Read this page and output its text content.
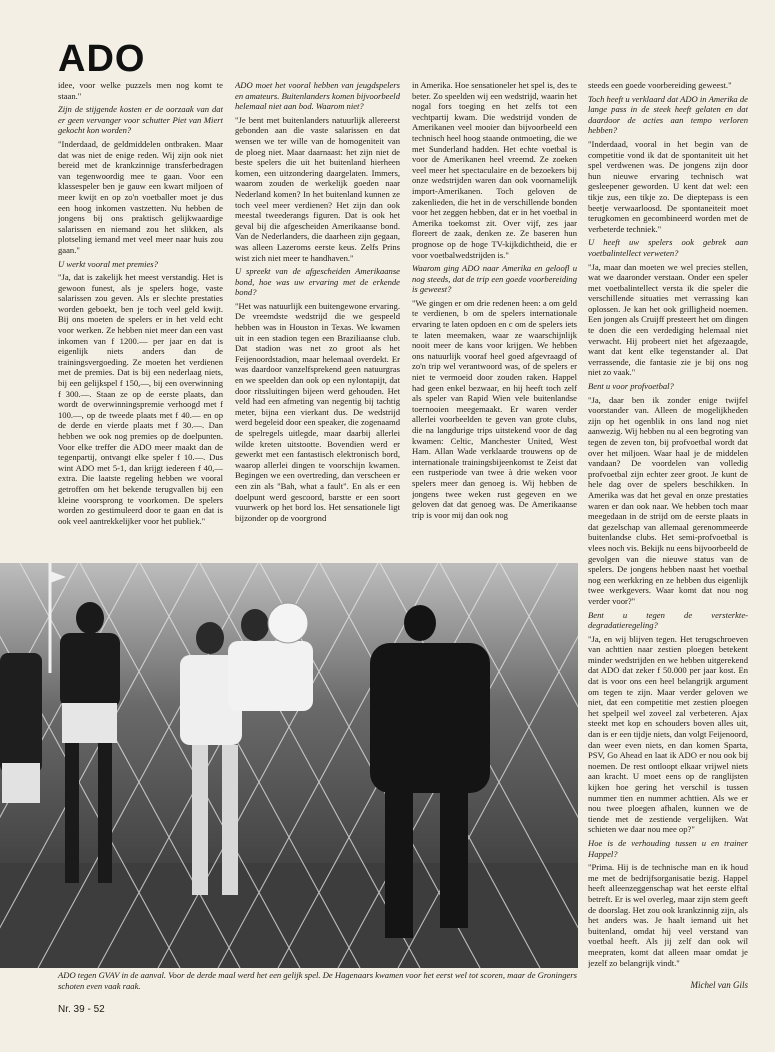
ADO

idee, voor welke puzzels men nog komt te staan."

Zijn de stijgende kosten er de oorzaak van dat er geen vervanger voor schutter Piet van Miert gekocht kon worden?

"Inderdaad, de geldmiddelen ontbraken. Maar dat was niet de enige reden. Wij zijn ook niet bereid met de krankzinnige transferbedragen van tegenwoordig mee te gaan. Voor een klassespeler ben je gauw een kwart miljoen of meer kwijt en op zo'n voetballer moet je dus een hoog inkomen vastzetten. Nu hebben de jongens bij ons praktisch gelijkwaardige salarissen en niemand zou het slikken, als plotseling iemand met veel meer naar huis zou gaan."

U werkt vooral met premies?

"Ja, dat is zakelijk het meest verstandig. Het is gewoon funest, als je spelers hoge, vaste salarissen zou geven. Als er slechte prestaties worden geboekt, ben je toch veel geld kwijt. Bij ons moeten de spelers er in het veld echt voor werken. Ze hebben niet meer dan een vast inkomen van f 1200.— per jaar en dat is eigenlijk niets anders dan de trainingsvergoeding. Ze moeten het verdienen met de premies. Dat is bij een nederlaag niets, bij een gelijkspel f 150,—, bij een overwinning f 300.—. Staan ze op de eerste plaats, dan wordt de overwinningspremie verhoogd met f 100.—, op de tweede plaats met f 40.— en op de derde en vierde plaats met f 30.—. Dan hebben we ook nog premies op de doelpunten. Voor elke treffer die ADO meer maakt dan de tegenpartij, ontvangt elke speler f 10.—. Dus wint ADO met 5-1, dan krijgt iedereen f 40,— extra. Die laatste regeling hebben we vooral getroffen om het bekende terugvallen bij een kleine voorsprong te voorkomen. De spelers worden zo gestimuleerd door te gaan en dat is ook veel aantrekkelijker voor het publiek."

ADO moet het vooral hebben van jeugdspelers en amateurs. Buitenlanders komen bijvoorbeeld helemaal niet aan bod. Waarom niet?

"Je bent met buitenlanders natuurlijk allereerst gebonden aan die vaste salarissen en dat wensen we ter wille van de homogeniteit van de ploeg niet. Maar daarnaast: het zijn niet de beste spelers die uit het buitenland hierheen komen, een uitzondering daargelaten. Immers, waarom zouden de werkelijk goeden naar Nederland komen? In het buitenland kunnen ze toch veel meer verdienen? Het zijn dan ook meestal tweederangs figuren. Dat is ook het geval bij die afgescheiden Amerikaanse bond. Van de Nederlanders, die daarheen zijn gegaan, was alleen Lazeroms eerste keus. Zelfs Prins wist zich niet meer te handhaven."

U spreekt van de afgescheiden Amerikaanse bond, hoe was uw ervaring met de erkende bond?

"Het was natuurlijk een buitengewone ervaring. De vreemdste wedstrijd die we gespeeld hebben was in Houston in Texas. We kwamen uit in een stadion tegen een Braziliaanse club. Dat stadion was net zo groot als het Feijenoordstadion, maar helemaal overdekt. Er was daardoor vanzelfsprekend geen natuurgras en we speelden dan ook op een nylontapijt, dat door ritssluitingen bijeen werd gehouden. Het veld had een afmeting van negentig bij tachtig meter, bijna een vierkant dus. De wedstrijd werd begeleid door een speaker, die zogenaamd de spelregels uitlegde, maar daarbij allerlei wilde kreten uitstootte. Bovendien werd er gewerkt met een fantastisch elektronisch bord, waarop allerlei dingen te voorschijn kwamen. Begingen we een overtreding, dan verscheen er een zin als "Bah, what a fault". En als er een doelpunt werd gescoord, barstte er een soort vuurwerk op het bord los. Het sensationele ligt bijzonder op de voorgrond

in Amerika. Hoe sensationeler het spel is, des te beter. Zo speelden wij een wedstrijd, waarin het nogal fors toeging en het zelfs tot een vechtpartij kwam. Die wedstrijd vonden de Amerikanen veel mooier dan bijvoorbeeld een technisch heel hoog staande ontmoeting, die we met Sunderland hadden. Het echte voetbal is voor de Amerikanen heel vreemd. Ze zoeken veel meer het spectaculaire en de bezoekers bij onze wedstrijden waren dan ook voornamelijk import-Amerikanen. Toch geloven de zakenlieden, die het in de verschillende bonden voor het zeggen hebben, dat er in het voetbal in Amerika toekomst zit. Over vijf, zes jaar floreert de zaak, denken ze. Ze baseren hun prognose op de hoge TV-kijkdichtheid, die er voor voetbalwedstrijden is."

Waarom ging ADO naar Amerika en geloofl u nog steeds, dat de trip een goede voorbereiding is geweest?

"We gingen er om drie redenen heen: a om geld te verdienen, b om de spelers internationale ervaring te laten opdoen en c om de spelers iets te laten meemaken, waar ze waarschijnlijk nooit meer de kans voor krijgen. We hebben ons natuurlijk vooraf heel goed afgevraagd of zo'n trip wel verantwoord was, of de spelers er niet te vermoeid door zouden raken. Happel had geen enkel bezwaar, en hij heeft toch zelf als speler van Rapid Wien vele buitenlandse toernooien meegemaakt. Er waren verder allerlei voorbeelden te geven van grote clubs, die na langdurige trips uitstekend voor de dag kwamen: Celtic, Manchester United, West Ham. Allan Wade verklaarde trouwens op de internationale trainingsbijeenkomst te Zeist dat een rustperiode van twee à drie weken voor spelers meer dan genoeg is. Wij hebben de jongens twee weken rust gegeven en we geloven dat dat genoeg was. De Amerikaanse trip is voor mij dan ook nog

steeds een goede voorbereiding geweest."

Toch heeft u verklaard dat ADO in Amerika de lange pass in de steek heeft gelaten en dat daardoor de acties aan tempo verloren hebben?

"Inderdaad, vooral in het begin van de competitie vond ik dat de spontaniteit uit het spel verdwenen was. De jongens zijn door hun nieuwe ervaring technisch wat gesleepener geworden. U kent dat wel: een tikje zus, een tikje zo. De dieptepass is een beetje verwaarloosd. De spontaneiteit moet terugkomen en gecombineerd worden met de verbeterde techniek."

U heeft uw spelers ook gebrek aan voetbalintellect verweten?

"Ja, maar dan moeten we wel precies stellen, wat we daaronder verstaan. Onder een speler met voetbalintellect versta ik die speler die verschillende situaties met verrassing kan oplossen. Je kan het ook grilligheid noemen. Een jongen als Cruijff presteert het om dingen te doen die een verdediging helemaal niet verwacht. Hij probeert niet het afgezaagde, want dat kent elke tegenstander al. Dat verrassende, die fantasie zie je bij ons nog niet zo vaak."

Bent u voor profvoetbal?

"Ja, daar ben ik zonder enige twijfel voorstander van. Alleen de mogelijkheden zijn op het ogenblik in ons land nog niet aanwezig. Wij hebben nu al een begroting van tegen de zeven ton, bij profvoetbal wordt dat over het miljoen. Waar haal je de middelen vandaan? De voordelen van volledig profvoetbal zijn echter zeer groot. Je kunt de hele dag over de spelers beschikken. In Amerika was dat het geval en onze prestaties waren er dan ook naar. We hebben toch maar meegedaan in de strijd om de eerste plaats in dat gezelschap van allemaal gerenommeerde buitenlandse clubs. Het semi-profvoetbal is vlees noch vis. Bekijk nu eens bijvoorbeeld de gevolgen van die nieuwe status van de spelers. De jongens hebben naast het voetbal nog een werkkring en ze hebben dus eigenlijk twee werkgevers. Waar komt dat nou nog verder voor?"

Bent u tegen de versterkte-degradatieregeling?

"Ja, en wij blijven tegen. Het terugschroeven van achttien naar zestien ploegen betekent minder wedstrijden en we hebben uitgerekend dat ADO dat zeker f 50.000 per jaar kost. En dat is voor ons een heel belangrijk argument om tegen te zijn. Maar verder geloven we niet, dat een competitie met zestien ploegen het spelpeil wel zoveel zal verbeteren. Ajax steekt met kop en schouders boven alles uit, dan is er een tijdje niets, dan volgt Feijenoord, dan weer even niets, en dan komen Sparta, PSV, Go Ahead en laat ik ADO er nou ook bij noemen. De rest ontloopt elkaar vrijwel niets aan kracht. U moet eens op de ranglijsten kijken hoe gering het verschil is tussen nummer tien en nummer achttien. Als we er nou twee ploegen afhalen, kunnen we de tiende met de zestiende vergelijken. Wat schieten we daar nou mee op?"

Hoe is de verhouding tussen u en trainer Happel?

"Prima. Hij is de technische man en ik houd me met de bedrijfsorganisatie bezig. Happel heeft alleenzeggenschap wat het eerste elftal betreft. Er is wel overleg, maar zijn stem geeft de doorslag. Het zou ook krankzinnig zijn, als het anders was. Je haalt iemand uit het buitenland, omdat hij veel verstand van voetbal heeft. Als jij zelf dan ook wil meepraten, komt dat alleen maar omdat je jezelf zo belangrijk vindt."

ADO tegen GVAV in de aanval. Voor de derde maal werd het een gelijk spel. De Hagenaars kwamen voor het eerst wel tot scoren, maar de Groningers schoten even vaak raak.
Nr. 39 - 52
Michel van Gils
